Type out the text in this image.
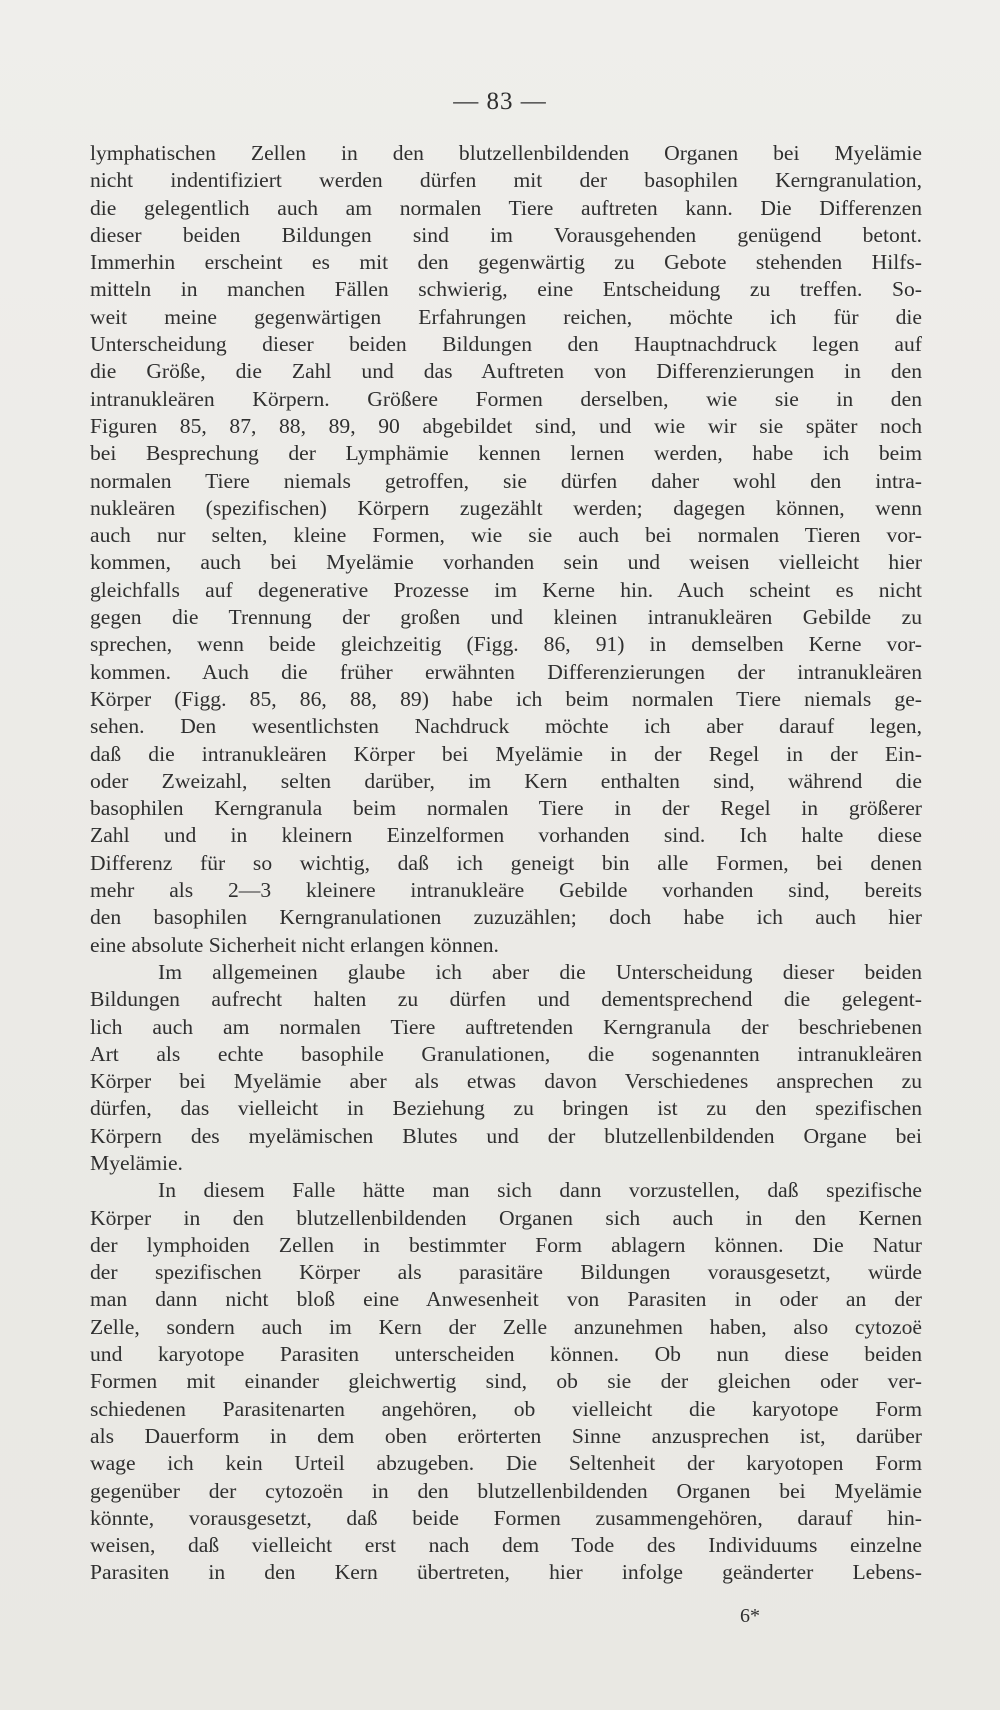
— 83 —
lymphatischen Zellen in den blutzellenbildenden Organen bei Myelämie
nicht indentifiziert werden dürfen mit der basophilen Kerngranulation,
die gelegentlich auch am normalen Tiere auftreten kann. Die Differenzen
dieser beiden Bildungen sind im Vorausgehenden genügend betont.
Immerhin erscheint es mit den gegenwärtig zu Gebote stehenden Hilfs-
mitteln in manchen Fällen schwierig, eine Entscheidung zu treffen. So-
weit meine gegenwärtigen Erfahrungen reichen, möchte ich für die
Unterscheidung dieser beiden Bildungen den Hauptnachdruck legen auf
die Größe, die Zahl und das Auftreten von Differenzierungen in den
intranukleären Körpern. Größere Formen derselben, wie sie in den
Figuren 85, 87, 88, 89, 90 abgebildet sind, und wie wir sie später noch
bei Besprechung der Lymphämie kennen lernen werden, habe ich beim
normalen Tiere niemals getroffen, sie dürfen daher wohl den intra-
nukleären (spezifischen) Körpern zugezählt werden; dagegen können, wenn
auch nur selten, kleine Formen, wie sie auch bei normalen Tieren vor-
kommen, auch bei Myelämie vorhanden sein und weisen vielleicht hier
gleichfalls auf degenerative Prozesse im Kerne hin. Auch scheint es nicht
gegen die Trennung der großen und kleinen intranukleären Gebilde zu
sprechen, wenn beide gleichzeitig (Figg. 86, 91) in demselben Kerne vor-
kommen. Auch die früher erwähnten Differenzierungen der intranukleären
Körper (Figg. 85, 86, 88, 89) habe ich beim normalen Tiere niemals ge-
sehen. Den wesentlichsten Nachdruck möchte ich aber darauf legen,
daß die intranukleären Körper bei Myelämie in der Regel in der Ein-
oder Zweizahl, selten darüber, im Kern enthalten sind, während die
basophilen Kerngranula beim normalen Tiere in der Regel in größerer
Zahl und in kleinern Einzelformen vorhanden sind. Ich halte diese
Differenz für so wichtig, daß ich geneigt bin alle Formen, bei denen
mehr als 2—3 kleinere intranukleäre Gebilde vorhanden sind, bereits
den basophilen Kerngranulationen zuzuzählen; doch habe ich auch hier
eine absolute Sicherheit nicht erlangen können.
Im allgemeinen glaube ich aber die Unterscheidung dieser beiden
Bildungen aufrecht halten zu dürfen und dementsprechend die gelegent-
lich auch am normalen Tiere auftretenden Kerngranula der beschriebenen
Art als echte basophile Granulationen, die sogenannten intranukleären
Körper bei Myelämie aber als etwas davon Verschiedenes ansprechen zu
dürfen, das vielleicht in Beziehung zu bringen ist zu den spezifischen
Körpern des myelämischen Blutes und der blutzellenbildenden Organe bei
Myelämie.
In diesem Falle hätte man sich dann vorzustellen, daß spezifische
Körper in den blutzellenbildenden Organen sich auch in den Kernen
der lymphoiden Zellen in bestimmter Form ablagern können. Die Natur
der spezifischen Körper als parasitäre Bildungen vorausgesetzt, würde
man dann nicht bloß eine Anwesenheit von Parasiten in oder an der
Zelle, sondern auch im Kern der Zelle anzunehmen haben, also cytozoë
und karyotope Parasiten unterscheiden können. Ob nun diese beiden
Formen mit einander gleichwertig sind, ob sie der gleichen oder ver-
schiedenen Parasitenarten angehören, ob vielleicht die karyotope Form
als Dauerform in dem oben erörterten Sinne anzusprechen ist, darüber
wage ich kein Urteil abzugeben. Die Seltenheit der karyotopen Form
gegenüber der cytozoën in den blutzellenbildenden Organen bei Myelämie
könnte, vorausgesetzt, daß beide Formen zusammengehören, darauf hin-
weisen, daß vielleicht erst nach dem Tode des Individuums einzelne
Parasiten in den Kern übertreten, hier infolge geänderter Lebens-
6*
